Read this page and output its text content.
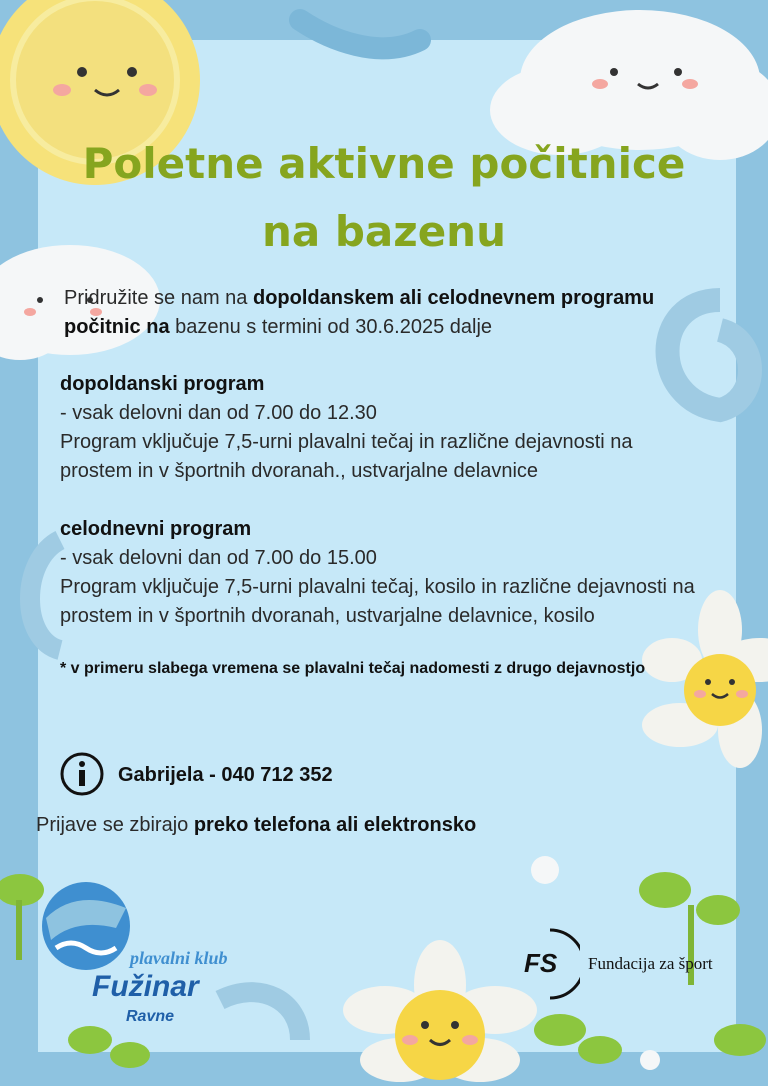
Poletne aktivne počitnice
na bazenu
Pridružite se nam na dopoldanskem ali celodnevnem programu
počitnic na bazenu s termini od 30.6.2025 dalje
dopoldanski program
- vsak delovni dan od 7.00 do 12.30
Program vključuje 7,5-urni plavalni tečaj in različne dejavnosti na
prostem in v športnih dvoranah., ustvarjalne delavnice
celodnevni program
- vsak delovni dan od 7.00 do 15.00
Program vključuje 7,5-urni plavalni tečaj, kosilo in različne dejavnosti na
prostem in v športnih dvoranah, ustvarjalne delavnice, kosilo
* v primeru slabega vremena se plavalni tečaj nadomesti z drugo dejavnostjo
Gabrijela - 040 712 352
Prijave se zbirajo preko telefona ali elektronsko
plavalni klub
Fužinar
Ravne
FS Fundacija za šport
